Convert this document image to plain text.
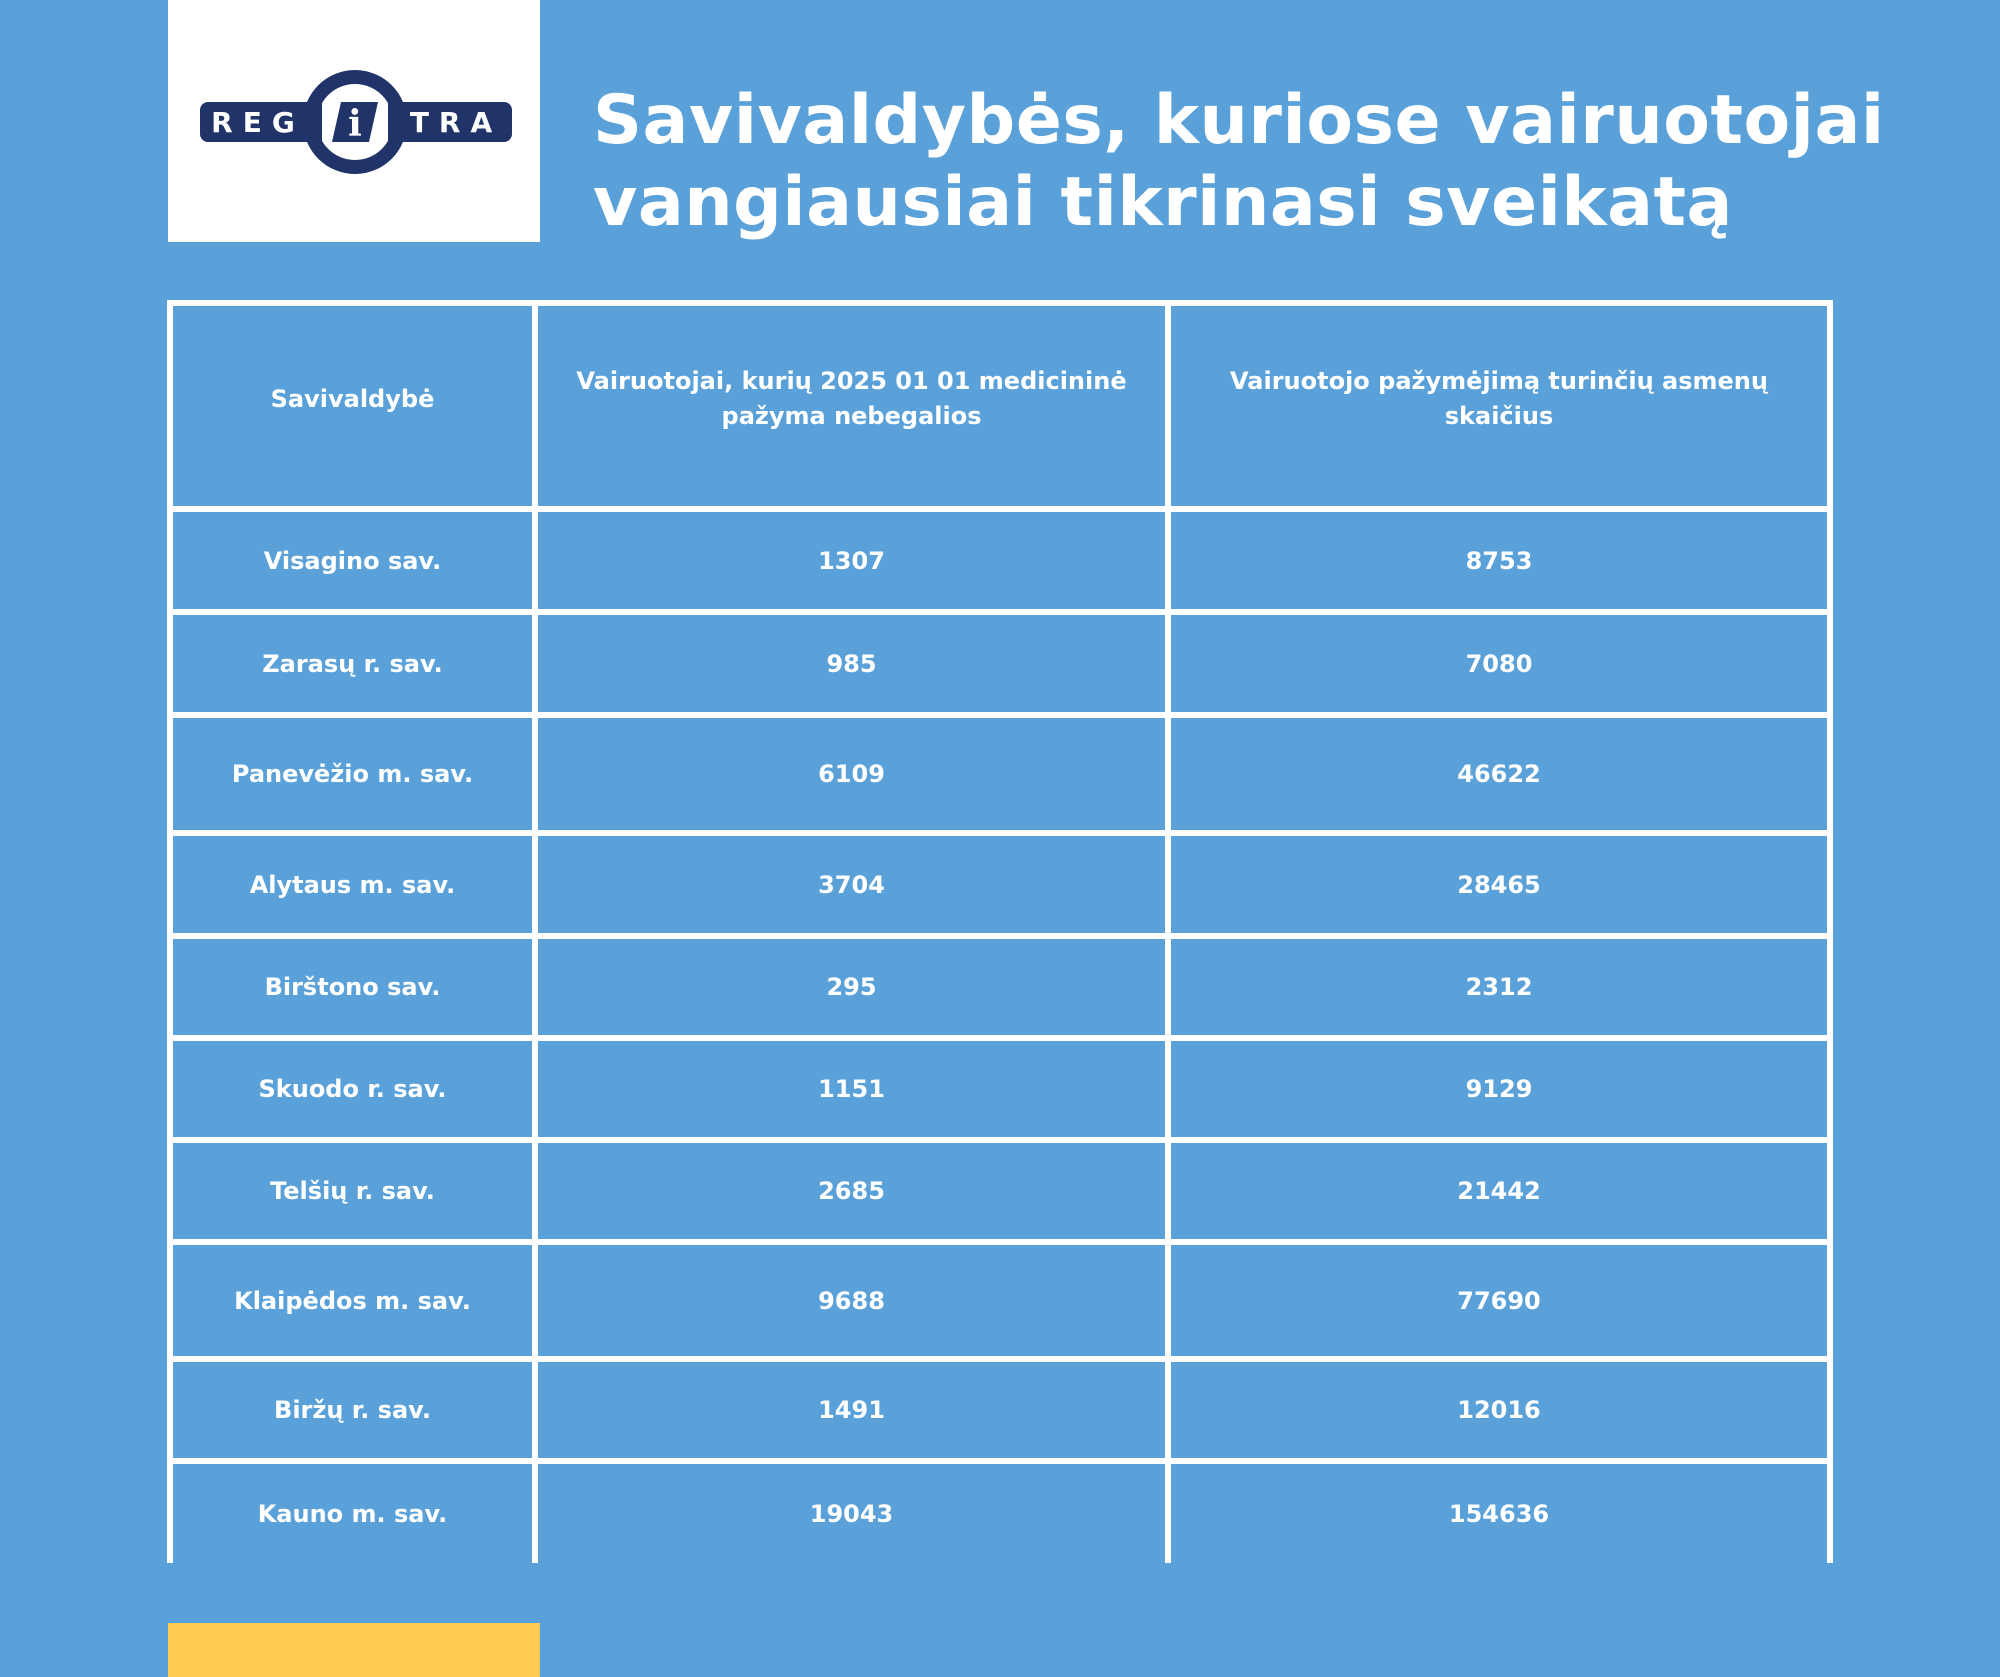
REG i TRA Savivaldybės, kuriose vairuotojai
vangiausiai tikrinasi sveikatą
Savivaldybė	Vairuotojai, kurių 2025 01 01 medicininė pažyma nebegalios	Vairuotojo pažymėjimą turinčių asmenų skaičius
Visagino sav.	1307	8753
Zarasų r. sav.	985	7080
Panevėžio m. sav.	6109	46622
Alytaus m. sav.	3704	28465
Birštono sav.	295	2312
Skuodo r. sav.	1151	9129
Telšių r. sav.	2685	21442
Klaipėdos m. sav.	9688	77690
Biržų r. sav.	1491	12016
Kauno m. sav.	19043	154636
